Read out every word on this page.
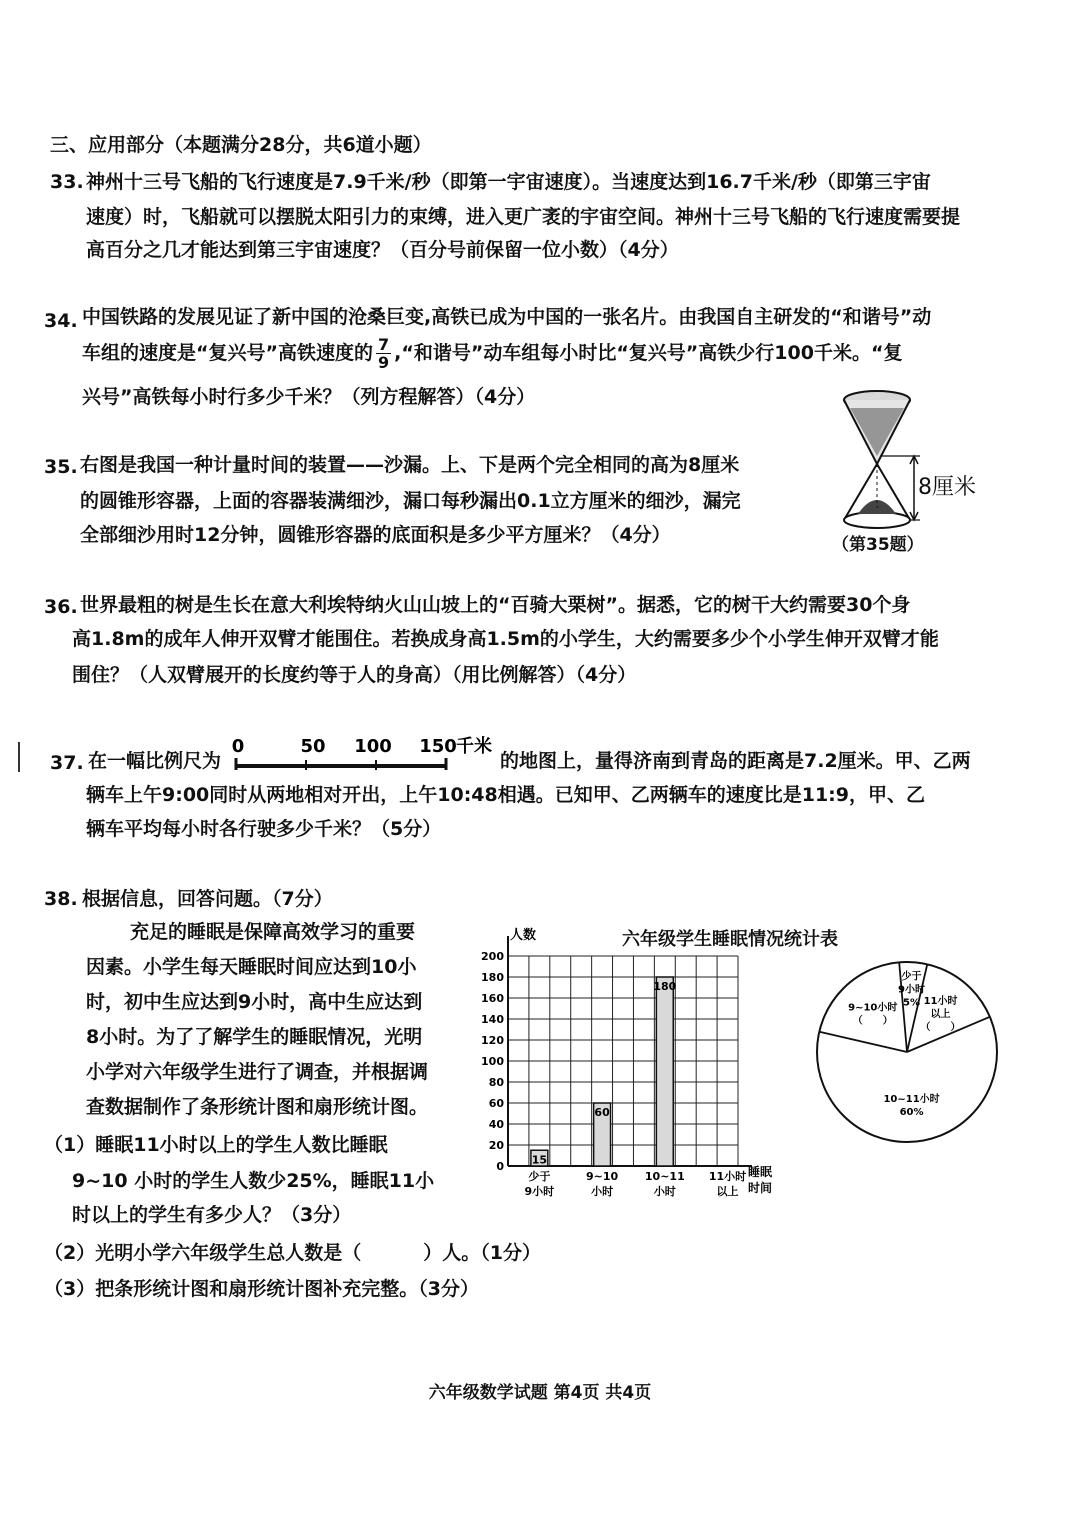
三、应用部分（本题满分28分，共6道小题）
33. 神州十三号飞船的飞行速度是7.9千米/秒（即第一宇宙速度）。当速度达到16.7千米/秒（即第三宇宙
速度）时，飞船就可以摆脱太阳引力的束缚，进入更广袤的宇宙空间。神州十三号飞船的飞行速度需要提
高百分之几才能达到第三宇宙速度？（百分号前保留一位小数）（4分）
34. 中国铁路的发展见证了新中国的沧桑巨变,高铁已成为中国的一张名片。由我国自主研发的“和谐号”动
车组的速度是“复兴号”高铁速度的 $\frac{7}{9}$ ,“和谐号”动车组每小时比“复兴号”高铁少行100千米。“复
兴号”高铁每小时行多少千米？（列方程解答）（4分）
35. 右图是我国一种计量时间的装置——沙漏。上、下是两个完全相同的高为8厘米
的圆锥形容器，上面的容器装满细沙，漏口每秒漏出0.1立方厘米的细沙，漏完
全部细沙用时12分钟，圆锥形容器的底面积是多少平方厘米？（4分）
8厘米
（第35题）
36. 世界最粗的树是生长在意大利埃特纳火山山坡上的“百骑大栗树”。据悉，它的树干大约需要30个身
高1.8m的成年人伸开双臂才能围住。若换成身高1.5m的小学生，大约需要多少个小学生伸开双臂才能
围住？（人双臂展开的长度约等于人的身高）（用比例解答）（4分）
37. 在一幅比例尺为
0	50 100 150 千米
的地图上，量得济南到青岛的距离是7.2厘米。甲、乙两
辆车上午9:00同时从两地相对开出，上午10:48相遇。已知甲、乙两辆车的速度比是11:9，甲、乙
辆车平均每小时各行驶多少千米？（5分）
38. 根据信息，回答问题。（7分）
充足的睡眠是保障高效学习的重要
因素。小学生每天睡眠时间应达到10小
时，初中生应达到9小时，高中生应达到
8小时。为了了解学生的睡眠情况，光明
小学对六年级学生进行了调查，并根据调
查数据制作了条形统计图和扇形统计图。
（1）睡眠11小时以上的学生人数比睡眠
9~10 小时的学生人数少25%，睡眠11小
时以上的学生有多少人？（3分）
（2）光明小学六年级学生总人数是（	）人。（1分）
（3）把条形统计图和扇形统计图补充完整。（3分）
人数
0
20
40
60
80
100
120
140
160
180
200
15
60
180
少于
9小时
9~10
小时
10~11
小时
11小时
以上
睡眠
时间
六年级学生睡眠情况统计表
少于
9小时
5% 11小时
以上
（　　）
10~11小时
60%
9~10小时
（　　）
六年级数学试题 第4页 共4页
